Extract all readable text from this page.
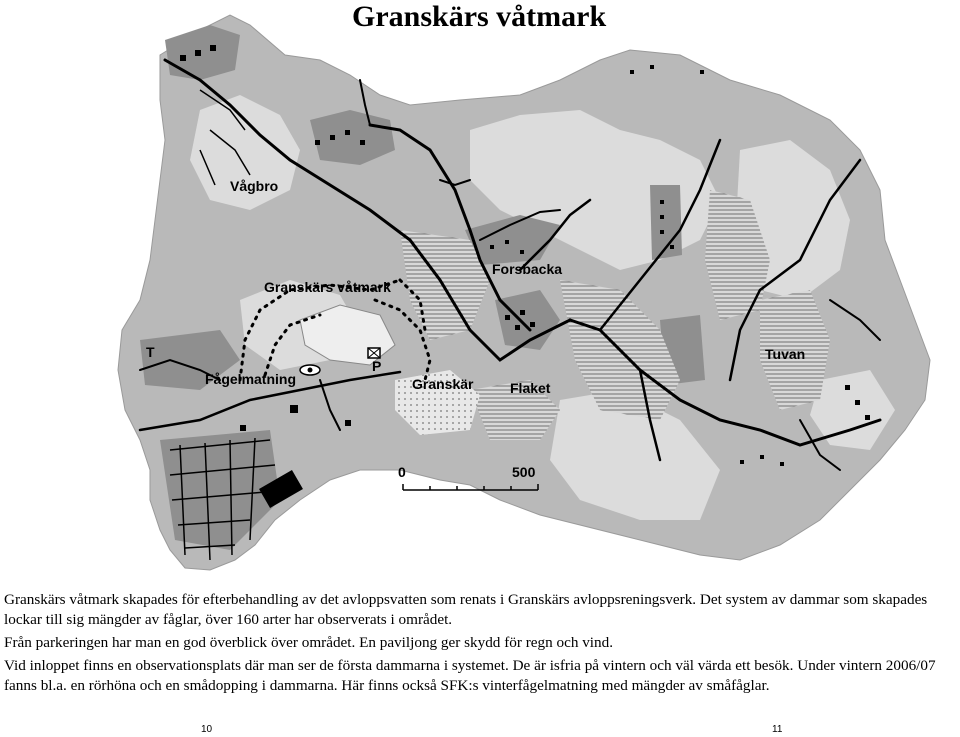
Granskärs våtmark
Vågbro
Granskärs våtmark
Forsbacka
T	Tuvan
Fågelmatning
P
Granskär	Flaket
0	500

Granskärs våtmark skapades för efterbehandling av det avloppsvatten som renats i Granskärs avloppsreningsverk. Det system av dammar som skapades lockar till sig mängder av fåglar, över 160 arter har observerats i området.

Från parkeringen har man en god överblick över området. En paviljong ger skydd för regn och vind.

Vid inloppet finns en observationsplats där man ser de första dammarna i systemet. De är isfria på vintern och väl värda ett besök. Under vintern 2006/07 fanns bl.a. en rörhöna och en smådopping i dammarna. Här finns också SFK:s vinterfågelmatning med mängder av småfåglar.

10	11
